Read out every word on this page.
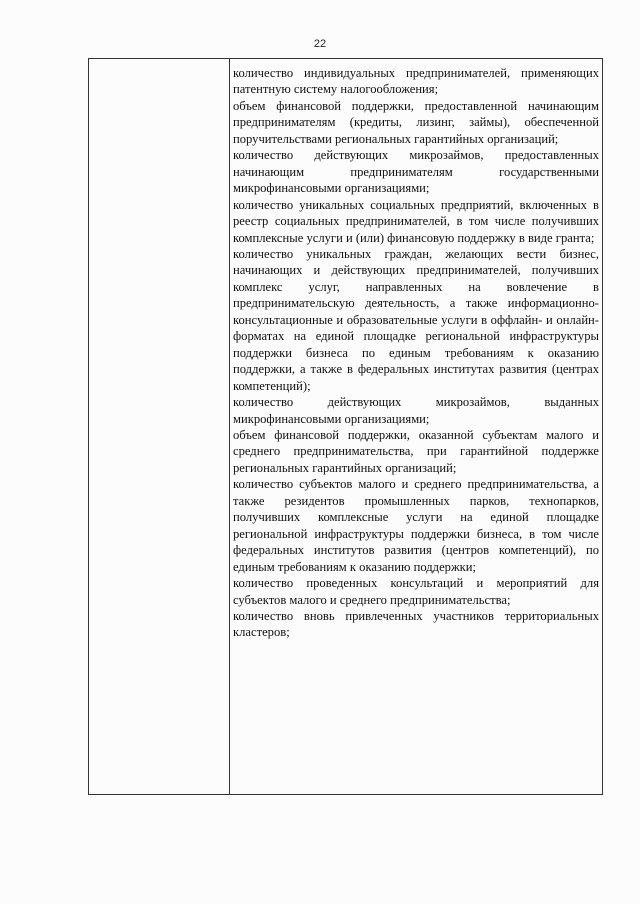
22

количество индивидуальных предпринимателей, применяющих патентную систему налогообложения;

объем финансовой поддержки, предоставленной начинающим предпринимателям (кредиты, лизинг, займы), обеспеченной поручительствами региональных гарантийных организаций;

количество действующих микрозаймов, предоставленных начинающим предпринимателям государственными микрофинансовыми организациями;

количество уникальных социальных предприятий, включенных в реестр социальных предпринимателей, в том числе получивших комплексные услуги и (или) финансовую поддержку в виде гранта;

количество уникальных граждан, желающих вести бизнес, начинающих и действующих предпринимателей, получивших комплекс услуг, направленных на вовлечение в предпринимательскую деятельность, а также информационно-консультационные и образовательные услуги в оффлайн- и онлайн-форматах на единой площадке региональной инфраструктуры поддержки бизнеса по единым требованиям к оказанию поддержки, а также в федеральных институтах развития (центрах компетенций);

количество действующих микрозаймов, выданных микрофинансовыми организациями;

объем финансовой поддержки, оказанной субъектам малого и среднего предпринимательства, при гарантийной поддержке региональных гарантийных организаций;

количество субъектов малого и среднего предпринимательства, а также резидентов промышленных парков, технопарков, получивших комплексные услуги на единой площадке региональной инфраструктуры поддержки бизнеса, в том числе федеральных институтов развития (центров компетенций), по единым требованиям к оказанию поддержки;

количество проведенных консультаций и мероприятий для субъектов малого и среднего предпринимательства;

количество вновь привлеченных участников территориальных кластеров;
